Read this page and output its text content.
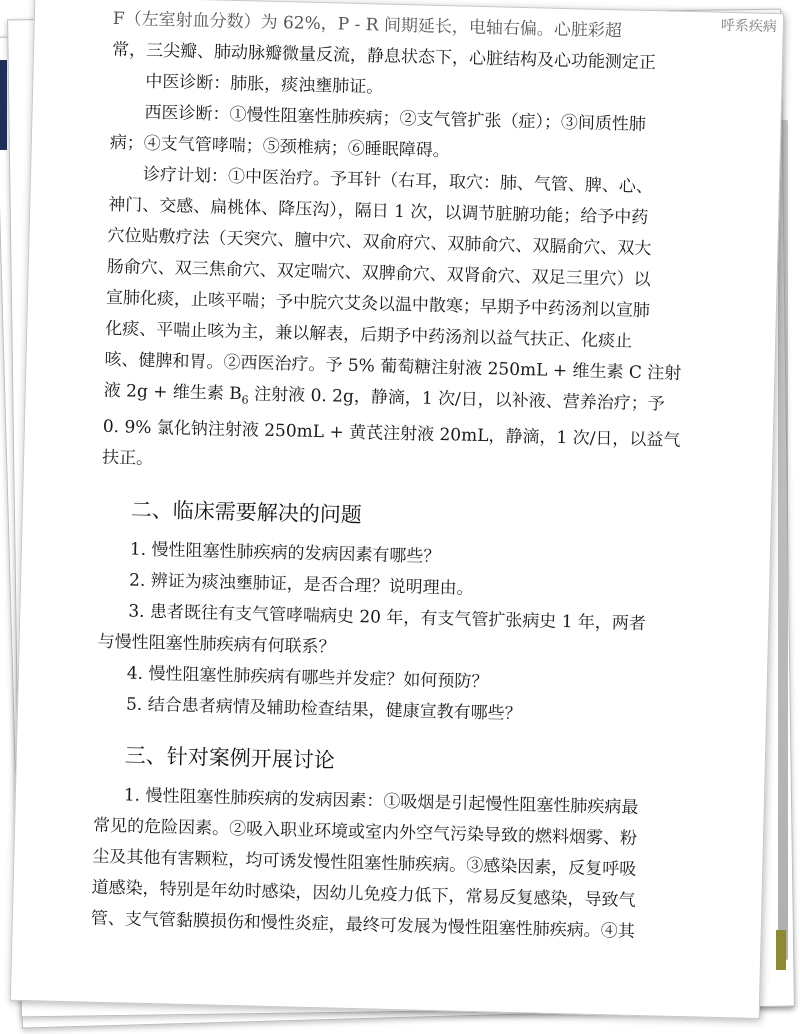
呼系疾病

F（左室射血分数）为 62%，P - R 间期延长，电轴右偏。心脏彩超

常，三尖瓣、肺动脉瓣微量反流，静息状态下，心脏结构及心功能测定正

中医诊断：肺胀，痰浊壅肺证。

西医诊断：①慢性阻塞性肺疾病；②支气管扩张（症）；③间质性肺

病；④支气管哮喘；⑤颈椎病；⑥睡眠障碍。

诊疗计划：①中医治疗。予耳针（右耳，取穴：肺、气管、脾、心、

神门、交感、扁桃体、降压沟），隔日 1 次，以调节脏腑功能；给予中药

穴位贴敷疗法（天突穴、膻中穴、双俞府穴、双肺俞穴、双膈俞穴、双大

肠俞穴、双三焦俞穴、双定喘穴、双脾俞穴、双肾俞穴、双足三里穴）以

宣肺化痰，止咳平喘；予中脘穴艾灸以温中散寒；早期予中药汤剂以宣肺

化痰、平喘止咳为主，兼以解表，后期予中药汤剂以益气扶正、化痰止

咳、健脾和胃。②西医治疗。予 5% 葡萄糖注射液 250mL + 维生素 C 注射

液 2g + 维生素 $B_6$ 注射液 0. 2g，静滴，1 次/日，以补液、营养治疗；予

0. 9% 氯化钠注射液 250mL + 黄芪注射液 20mL，静滴，1 次/日，以益气

扶正。

二、临床需要解决的问题

1. 慢性阻塞性肺疾病的发病因素有哪些？

2. 辨证为痰浊壅肺证，是否合理？说明理由。

3. 患者既往有支气管哮喘病史 20 年，有支气管扩张病史 1 年，两者

与慢性阻塞性肺疾病有何联系？

4. 慢性阻塞性肺疾病有哪些并发症？如何预防？

5. 结合患者病情及辅助检查结果，健康宣教有哪些？

三、针对案例开展讨论

1. 慢性阻塞性肺疾病的发病因素：①吸烟是引起慢性阻塞性肺疾病最

常见的危险因素。②吸入职业环境或室内外空气污染导致的燃料烟雾、粉

尘及其他有害颗粒，均可诱发慢性阻塞性肺疾病。③感染因素，反复呼吸

道感染，特别是年幼时感染，因幼儿免疫力低下，常易反复感染，导致气

管、支气管黏膜损伤和慢性炎症，最终可发展为慢性阻塞性肺疾病。④其
